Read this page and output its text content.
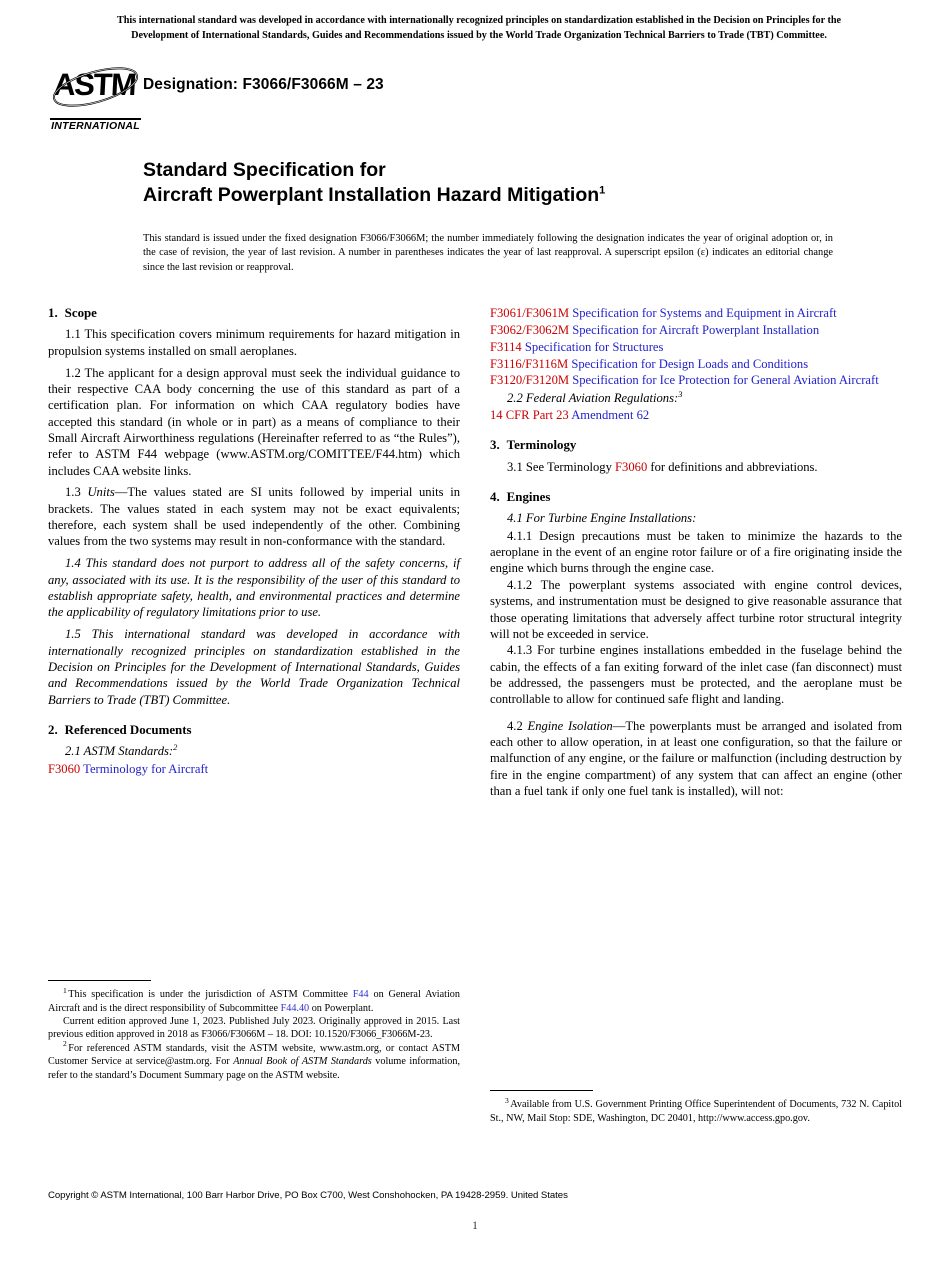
This international standard was developed in accordance with internationally recognized principles on standardization established in the Decision on Principles for the
Development of International Standards, Guides and Recommendations issued by the World Trade Organization Technical Barriers to Trade (TBT) Committee.
ASTM
INTERNATIONAL
Designation: F3066/F3066M – 23
Standard Specification for
Aircraft Powerplant Installation Hazard Mitigation$^1$
This standard is issued under the fixed designation F3066/F3066M; the number immediately following the designation indicates the year of original adoption or, in the case of revision, the year of last revision. A number in parentheses indicates the year of last reapproval. A superscript epsilon (ε) indicates an editorial change since the last revision or reapproval.
1. Scope

1.1 This specification covers minimum requirements for hazard mitigation in propulsion systems installed on small aeroplanes.

1.2 The applicant for a design approval must seek the individual guidance to their respective CAA body concerning the use of this standard as part of a certification plan. For information on which CAA regulatory bodies have accepted this standard (in whole or in part) as a means of compliance to their Small Aircraft Airworthiness regulations (Hereinafter referred to as “the Rules”), refer to ASTM F44 webpage (www.ASTM.org/COMITTEE/F44.htm) which includes CAA website links.

1.3 Units—The values stated are SI units followed by imperial units in brackets. The values stated in each system may not be exact equivalents; therefore, each system shall be used independently of the other. Combining values from the two systems may result in non-conformance with the standard.

1.4 This standard does not purport to address all of the safety concerns, if any, associated with its use. It is the responsibility of the user of this standard to establish appropriate safety, health, and environmental practices and determine the applicability of regulatory limitations prior to use.

1.5 This international standard was developed in accordance with internationally recognized principles on standardization established in the Decision on Principles for the Development of International Standards, Guides and Recommendations issued by the World Trade Organization Technical Barriers to Trade (TBT) Committee.

2. Referenced Documents

2.1 ASTM Standards:$^2$

F3060 Terminology for Aircraft

F3061/F3061M Specification for Systems and Equipment in Aircraft

F3062/F3062M Specification for Aircraft Powerplant Installation

F3114 Specification for Structures

F3116/F3116M Specification for Design Loads and Conditions

F3120/F3120M Specification for Ice Protection for General Aviation Aircraft

2.2 Federal Aviation Regulations:$^3$

14 CFR Part 23 Amendment 62

3. Terminology

3.1 See Terminology F3060 for definitions and abbreviations.

4. Engines

4.1 For Turbine Engine Installations:

4.1.1 Design precautions must be taken to minimize the hazards to the aeroplane in the event of an engine rotor failure or of a fire originating inside the engine which burns through the engine case.

4.1.2 The powerplant systems associated with engine control devices, systems, and instrumentation must be designed to give reasonable assurance that those operating limitations that adversely affect turbine rotor structural integrity will not be exceeded in service.

4.1.3 For turbine engines installations embedded in the fuselage behind the cabin, the effects of a fan exiting forward of the inlet case (fan disconnect) must be addressed, the passengers must be protected, and the aeroplane must be controllable to allow for continued safe flight and landing.

4.2 Engine Isolation—The powerplants must be arranged and isolated from each other to allow operation, in at least one configuration, so that the failure or malfunction of any engine, or the failure or malfunction (including destruction by fire in the engine compartment) of any system that can affect an engine (other than a fuel tank if only one fuel tank is installed), will not:

$^1$ This specification is under the jurisdiction of ASTM Committee F44 on General Aviation Aircraft and is the direct responsibility of Subcommittee F44.40 on Powerplant.

Current edition approved June 1, 2023. Published July 2023. Originally approved in 2015. Last previous edition approved in 2018 as F3066/F3066M – 18. DOI: 10.1520/F3066_F3066M-23.

$^2$ For referenced ASTM standards, visit the ASTM website, www.astm.org, or contact ASTM Customer Service at service@astm.org. For Annual Book of ASTM Standards volume information, refer to the standard’s Document Summary page on the ASTM website.

$^3$ Available from U.S. Government Printing Office Superintendent of Documents, 732 N. Capitol St., NW, Mail Stop: SDE, Washington, DC 20401, http://www.access.gpo.gov.

Copyright © ASTM International, 100 Barr Harbor Drive, PO Box C700, West Conshohocken, PA 19428-2959. United States
1
